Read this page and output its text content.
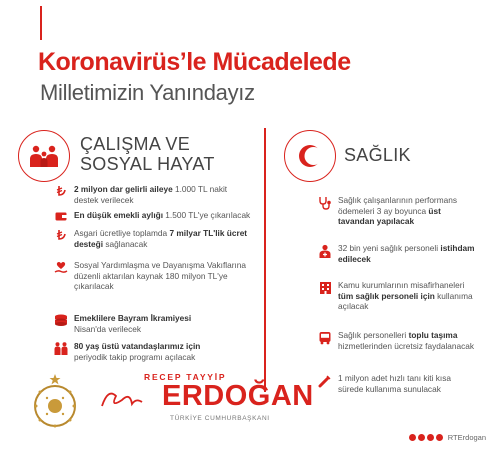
Koronavirüs’le Mücadelede
Milletimizin Yanındayız
ÇALIŞMA VE
SOSYAL HAYAT
2 milyon dar gelirli aileye 1.000 TL nakit destek verilecek
En düşük emekli aylığı 1.500 TL'ye çıkarılacak
Asgari ücretliye toplamda 7 milyar TL'lik ücret desteği sağlanacak
Sosyal Yardımlaşma ve Dayanışma Vakıflarına düzenli aktarılan kaynak 180 milyon TL'ye çıkarılacak
Emeklilere Bayram İkramiyesi
Nisan'da verilecek
80 yaş üstü vatandaşlarımız için
periyodik takip programı açılacak
SAĞLIK
Sağlık çalışanlarının performans ödemeleri 3 ay boyunca üst tavandan yapılacak
32 bin yeni sağlık personeli istihdam edilecek
Kamu kurumlarının misafirhaneleri tüm sağlık personeli için kullanıma açılacak
Sağlık personelleri toplu taşıma hizmetlerinden ücretsiz faydalanacak
1 milyon adet hızlı tanı kiti kısa sürede kullanıma sunulacak
RECEP TAYYİP
ERDOĞAN
TÜRKİYE CUMHURBAŞKANI
RTErdogan
